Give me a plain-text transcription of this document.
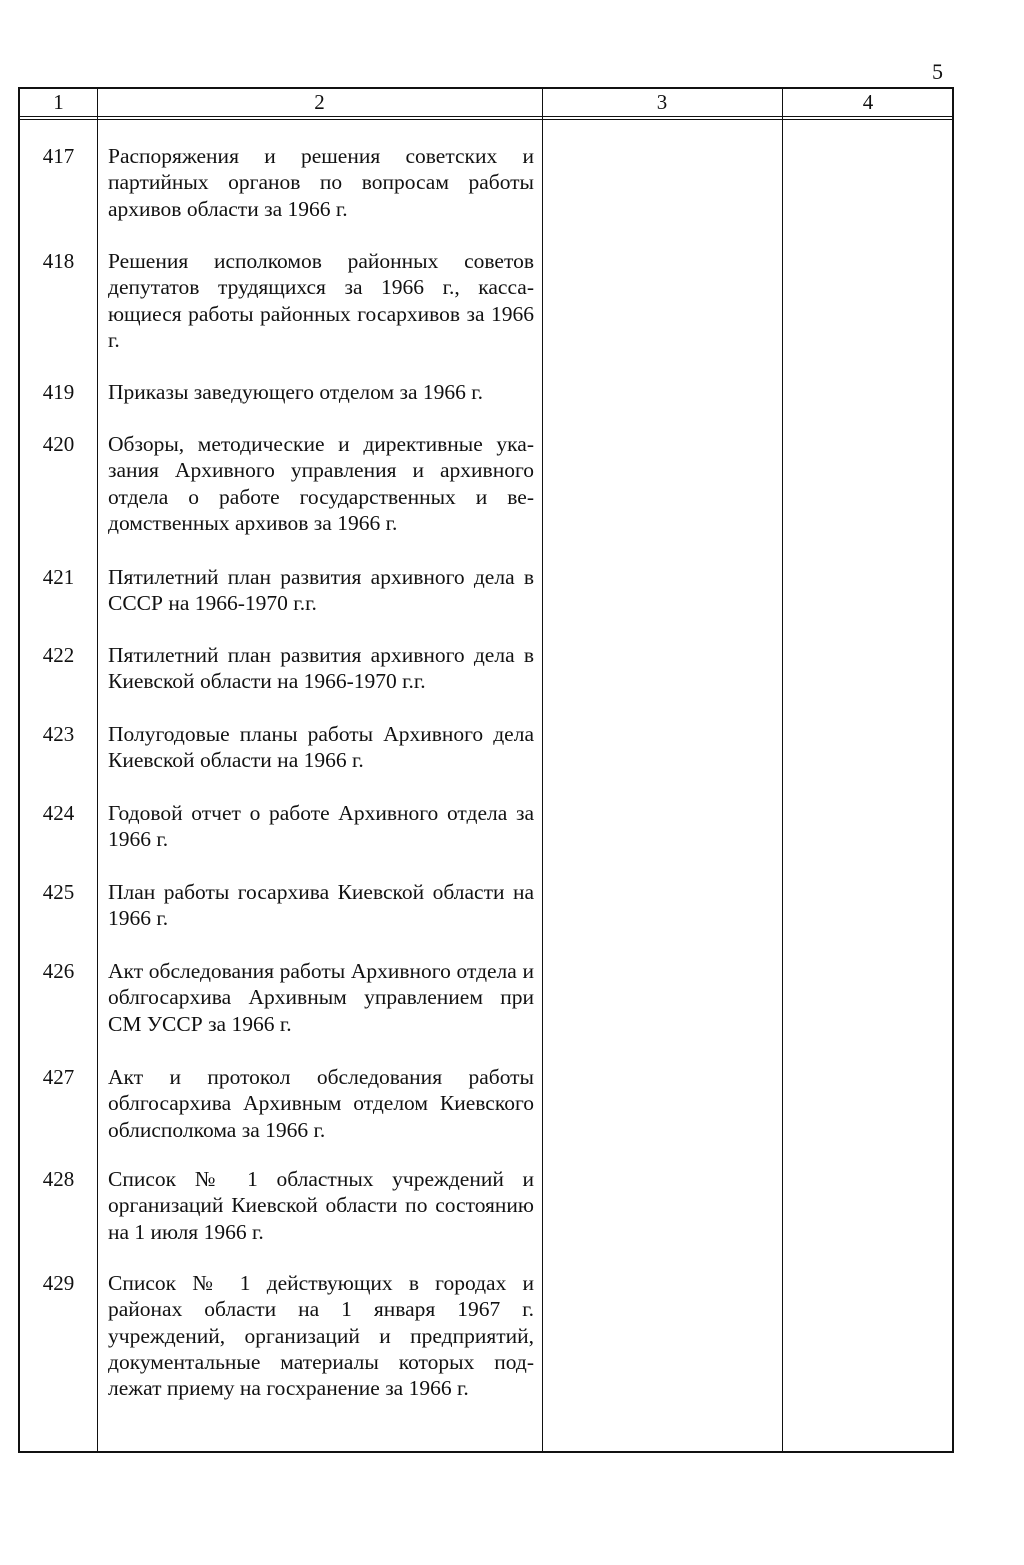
5
1	2	3	4
417	Распоряжения и решения советских и партийных органов по вопросам работы архивов области за 1966 г.
418	Решения исполкомов районных советов депутатов трудящихся за 1966 г., кассающиеся работы районных госархивов за 1966 г.
419	Приказы заведующего отделом за 1966 г.
420	Обзоры, методические и директивные указания Архивного управления и архивного отдела о работе государственных и ведомственных архивов за 1966 г.
421	Пятилетний план развития архивного дела в СССР на 1966-1970 г.г.
422	Пятилетний план развития архивного дела в Киевской области на 1966-1970 г.г.
423	Полугодовые планы работы Архивного дела Киевской области на 1966 г.
424	Годовой отчет о работе Архивного отдела за 1966 г.
425	План работы госархива Киевской области на 1966 г.
426	Акт обследования работы Архивного отдела и облгосархива Архивным управлением при СМ УССР за 1966 г.
427	Акт и протокол обследования работы облгосархива Архивным отделом Киевского облисполкома за 1966 г.
428	Список № 1 областных учреждений и организаций Киевской области по состоянию на 1 июля 1966 г.
429	Список № 1 действующих в городах и районах области на 1 января 1967 г. учреждений, организаций и предприятий, документальные материалы которых подлежат приему на госхранение за 1966 г.
